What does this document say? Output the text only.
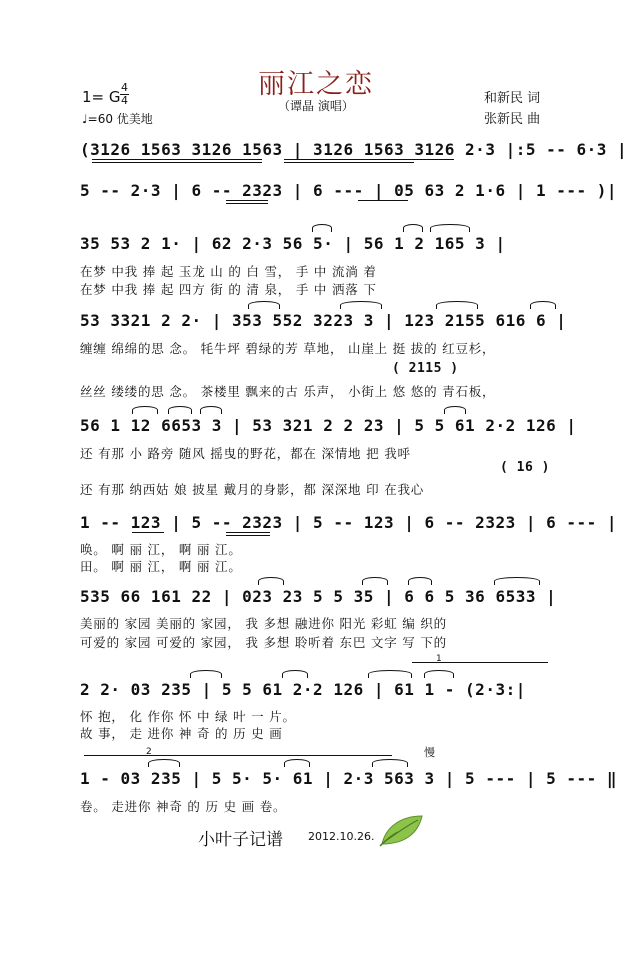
丽江之恋
（谭晶 演唱）
1= G
4
4
♩=60 优美地
和新民 词
张新民 曲
(3126 1563 3126 1563 | 3126 1563 3126 2·3 |:5 -- 6·3 |
5 -- 2·3 | 6 -- 2323 | 6 --- | 05 63 2 1·6 | 1 --- )|
35 53 2 1· | 62 2·3 56 5· | 56 1 2 165 3 |
在梦 中我 捧 起 玉龙 山 的 白 雪， 手 中 流淌 着
在梦 中我 捧 起 四方 街 的 清 泉， 手 中 洒落 下
53 3321 2 2· | 353 552 3223 3 | 123 2155 616 6 |
缠缠 绵绵的思 念。 牦牛坪 碧绿的芳 草地， 山崖上 挺 拔的 红豆杉，
( 2115 )
丝丝 缕缕的思 念。 茶楼里 飘来的古 乐声， 小街上 悠 悠的 青石板，
56 1 12 6653 3 | 53 321 2 2 23 | 5 5 61 2·2 126 |
还 有那 小 路旁 随风 摇曳的野花，都在 深情地 把 我呼
( 16 )
还 有那 纳西姑 娘 披星 戴月的身影，都 深深地 印 在我心
1 -- 123 | 5 -- 2323 | 5 -- 123 | 6 -- 2323 | 6 --- |
唤。 啊 丽 江， 啊 丽 江。
田。 啊 丽 江， 啊 丽 江。
535 66 161 22 | 023 23 5 5 35 | 6 6 5 36 6533 |
美丽的 家园 美丽的 家园， 我 多想 融进你 阳光 彩虹 编 织的
可爱的 家园 可爱的 家园， 我 多想 聆听着 东巴 文字 写 下的
1
2 2· 03 235 | 5 5 61 2·2 126 | 61 1 - (2·3:|
怀 抱， 化 作你 怀 中 绿 叶 一 片。
故 事， 走 进你 神 奇 的 历 史 画
2	慢
1 - 03 235 | 5 5· 5· 61 | 2·3 563 3 | 5 --- | 5 --- ‖
卷。 走进你 神奇 的 历 史 画 卷。
小叶子记谱 2012.10.26.
